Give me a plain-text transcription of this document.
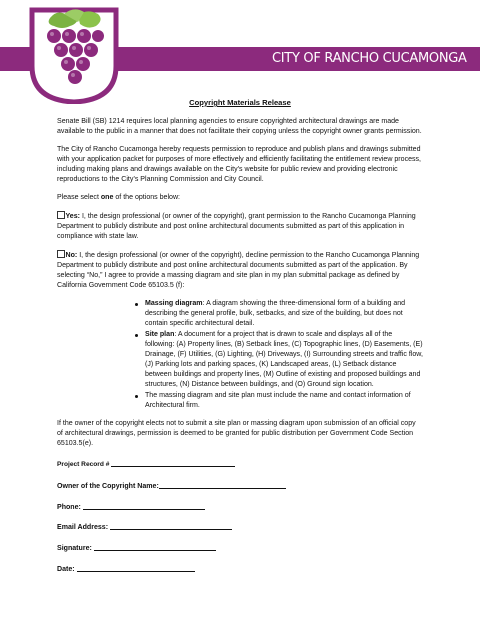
CITY OF RANCHO CUCAMONGA
Copyright Materials Release

Senate Bill (SB) 1214 requires local planning agencies to ensure copyrighted architectural drawings are made available to the public in a manner that does not facilitate their copying unless the copyright owner grants permission.

The City of Rancho Cucamonga hereby requests permission to reproduce and publish plans and drawings submitted with your application packet for purposes of more effectively and efficiently facilitating the entitlement review process, including making plans and drawings available on the City’s website for public review and providing electronic reproductions to the City’s Planning Commission and City Council.

Please select one of the options below:

Yes: I, the design professional (or owner of the copyright), grant permission to the Rancho Cucamonga Planning Department to publicly distribute and post online architectural documents submitted as part of this application in compliance with state law.

No: I, the design professional (or owner of the copyright), decline permission to the Rancho Cucamonga Planning Department to publicly distribute and post online architectural documents submitted as part of the application. By selecting “No,” I agree to provide a massing diagram and site plan in my plan submittal package as defined by California Government Code 65103.5 (f):

Massing diagram: A diagram showing the three-dimensional form of a building and describing the general profile, bulk, setbacks, and size of the building, but does not contain specific architectural detail.
Site plan: A document for a project that is drawn to scale and displays all of the following: (A) Property lines, (B) Setback lines, (C) Topographic lines, (D) Easements, (E) Drainage, (F) Utilities, (G) Lighting, (H) Driveways, (I) Surrounding streets and traffic flow, (J) Parking lots and parking spaces, (K) Landscaped areas, (L) Setback distance between buildings and property lines, (M) Outline of existing and proposed buildings and structures, (N) Distance between buildings, and (O) Ground sign location.
The massing diagram and site plan must include the name and contact information of Architectural firm.

If the owner of the copyright elects not to submit a site plan or massing diagram upon submission of an official copy of architectural drawings, permission is deemed to be granted for public distribution per Government Code Section 65103.5(e).

Project Record #
Owner of the Copyright Name:
Phone:
Email Address:
Signature:
Date:
